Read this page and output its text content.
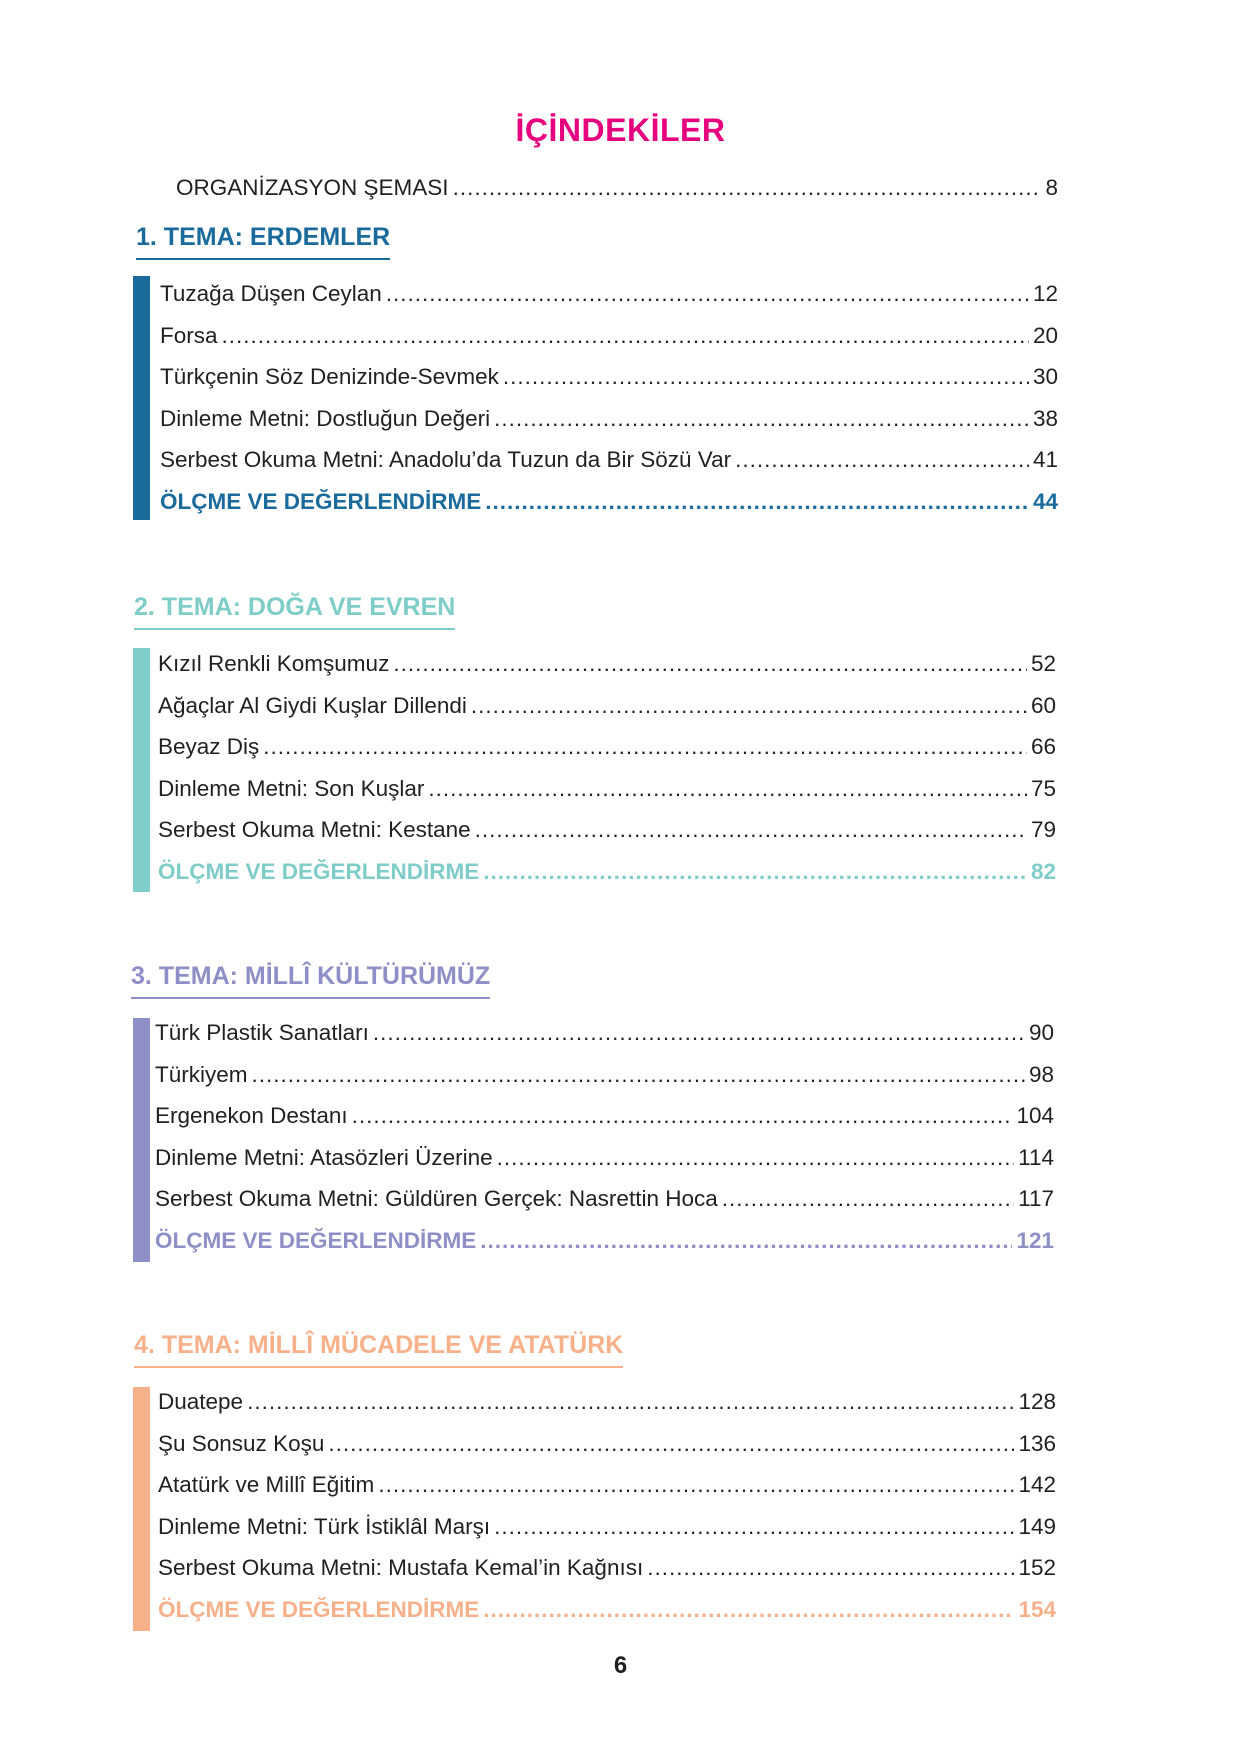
İÇİNDEKİLER
ORGANİZASYON ŞEMASI .....	8
1. TEMA: ERDEMLER
Tuzağa Düşen Ceylan .....	12
Forsa .....	20
Türkçenin Söz Denizinde-Sevmek .....	30
Dinleme Metni: Dostluğun Değeri .....	38
Serbest Okuma Metni: Anadolu’da Tuzun da Bir Sözü Var .....	41
ÖLÇME VE DEĞERLENDİRME .....	44
2. TEMA: DOĞA VE EVREN
Kızıl Renkli Komşumuz .....	52
Ağaçlar Al Giydi Kuşlar Dillendi .....	60
Beyaz Diş .....	66
Dinleme Metni: Son Kuşlar .....	75
Serbest Okuma Metni: Kestane .....	79
ÖLÇME VE DEĞERLENDİRME .....	82
3. TEMA: MİLLÎ KÜLTÜRÜMÜZ
Türk Plastik Sanatları .....	90
Türkiyem .....	98
Ergenekon Destanı .....	104
Dinleme Metni: Atasözleri Üzerine .....	114
Serbest Okuma Metni: Güldüren Gerçek: Nasrettin Hoca .....	117
ÖLÇME VE DEĞERLENDİRME .....	121
4. TEMA: MİLLÎ MÜCADELE VE ATATÜRK
Duatepe .....	128
Şu Sonsuz Koşu .....	136
Atatürk ve Millî Eğitim .....	142
Dinleme Metni: Türk İstiklâl Marşı .....	149
Serbest Okuma Metni: Mustafa Kemal’in Kağnısı .....	152
ÖLÇME VE DEĞERLENDİRME .....	154
6
